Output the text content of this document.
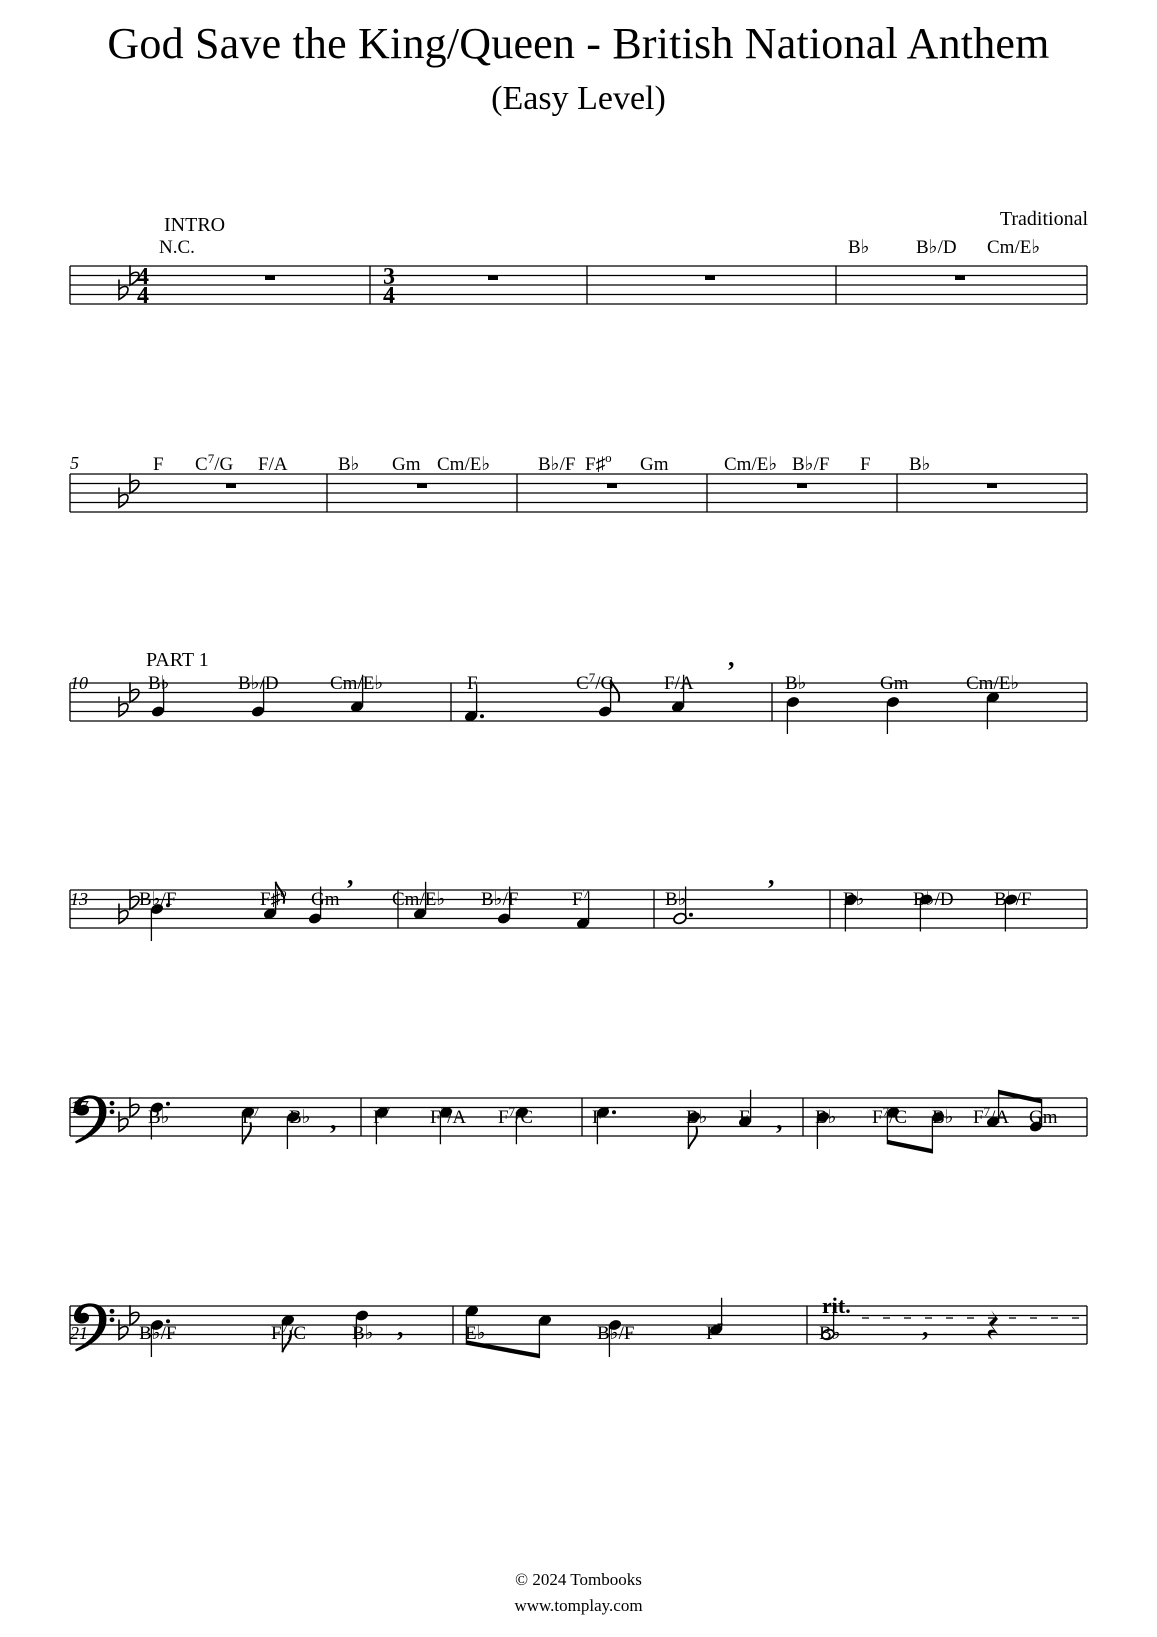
God Save the King/Queen - British National Anthem
(Easy Level)
Traditional
4
4
3
4
INTRO
N.C.	B♭ B♭/D Cm/E♭
5	F $C^7/G$ F/A	B♭ Gm Cm/E♭	B♭/F F♯$^o$ Gm	Cm/E♭ B♭/F F B♭
10
PART 1	,
B♭	B♭/D	Cm/E♭	F	$C^7/G$	F/A	B♭	Gm	Cm/E♭
13
,	,
B♭/F	F♯$^o$ Gm	Cm/E♭ B♭/F	$F^7$	B♭	B♭	B♭/D B♭/F
17	,	,
B♭	$F^7$ B♭	$F^7$ $F^7/A$ $F^7/C$	$F^7$	B♭ F	B♭ $F^7/C$ B♭ $F^7/A$ Gm
21	,	,
rit.
B♭/F	$F^7/C$ B♭	E♭	B♭/F	$F^7$	B♭
© 2024 Tombooks
www.tomplay.com
